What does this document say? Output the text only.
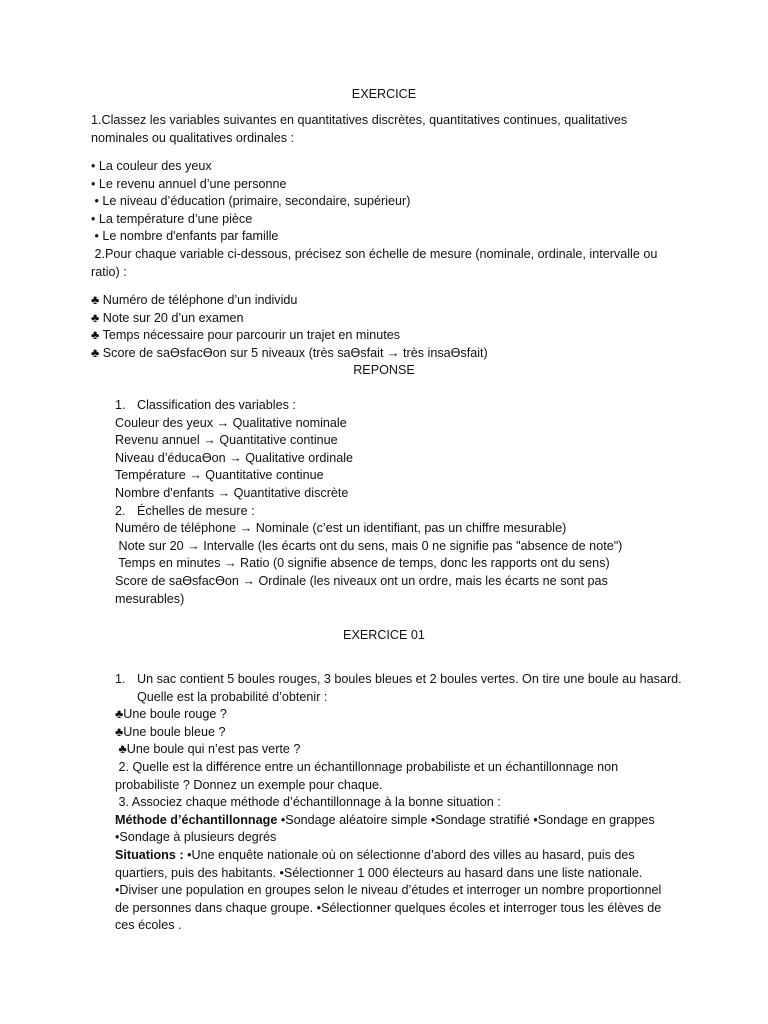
EXERCICE

1.Classez les variables suivantes en quantitatives discrètes, quantitatives continues, qualitatives nominales ou qualitatives ordinales :

• La couleur des yeux

• Le revenu annuel d’une personne

• Le niveau d’éducation (primaire, secondaire, supérieur)

• La température d’une pièce

• Le nombre d'enfants par famille

2.Pour chaque variable ci-dessous, précisez son échelle de mesure (nominale, ordinale, intervalle ou ratio) :

♣ Numéro de téléphone d’un individu

♣ Note sur 20 d’un examen

♣ Temps nécessaire pour parcourir un trajet en minutes

♣ Score de saƟsfacƟon sur 5 niveaux (très saƟsfait → très insaƟsfait)

REPONSE

1. Classification des variables :

Couleur des yeux → Qualitative nominale

Revenu annuel → Quantitative continue

Niveau d’éducaƟon → Qualitative ordinale

Température → Quantitative continue

Nombre d'enfants → Quantitative discrète

2. Échelles de mesure :

Numéro de téléphone → Nominale (c’est un identifiant, pas un chiffre mesurable)

Note sur 20 → Intervalle (les écarts ont du sens, mais 0 ne signifie pas "absence de note")

Temps en minutes → Ratio (0 signifie absence de temps, donc les rapports ont du sens)

Score de saƟsfacƟon → Ordinale (les niveaux ont un ordre, mais les écarts ne sont pas mesurables)

EXERCICE 01

1. Un sac contient 5 boules rouges, 3 boules bleues et 2 boules vertes. On tire une boule au hasard. Quelle est la probabilité d’obtenir :

♣Une boule rouge ?

♣Une boule bleue ?

♣Une boule qui n’est pas verte ?

2. Quelle est la différence entre un échantillonnage probabiliste et un échantillonnage non probabiliste ? Donnez un exemple pour chaque.

3. Associez chaque méthode d’échantillonnage à la bonne situation :

Méthode d’échantillonnage •Sondage aléatoire simple •Sondage stratifié •Sondage en grappes •Sondage à plusieurs degrés

Situations : •Une enquête nationale où on sélectionne d’abord des villes au hasard, puis des quartiers, puis des habitants. •Sélectionner 1 000 électeurs au hasard dans une liste nationale. •Diviser une population en groupes selon le niveau d’études et interroger un nombre proportionnel de personnes dans chaque groupe. •Sélectionner quelques écoles et interroger tous les élèves de ces écoles .
